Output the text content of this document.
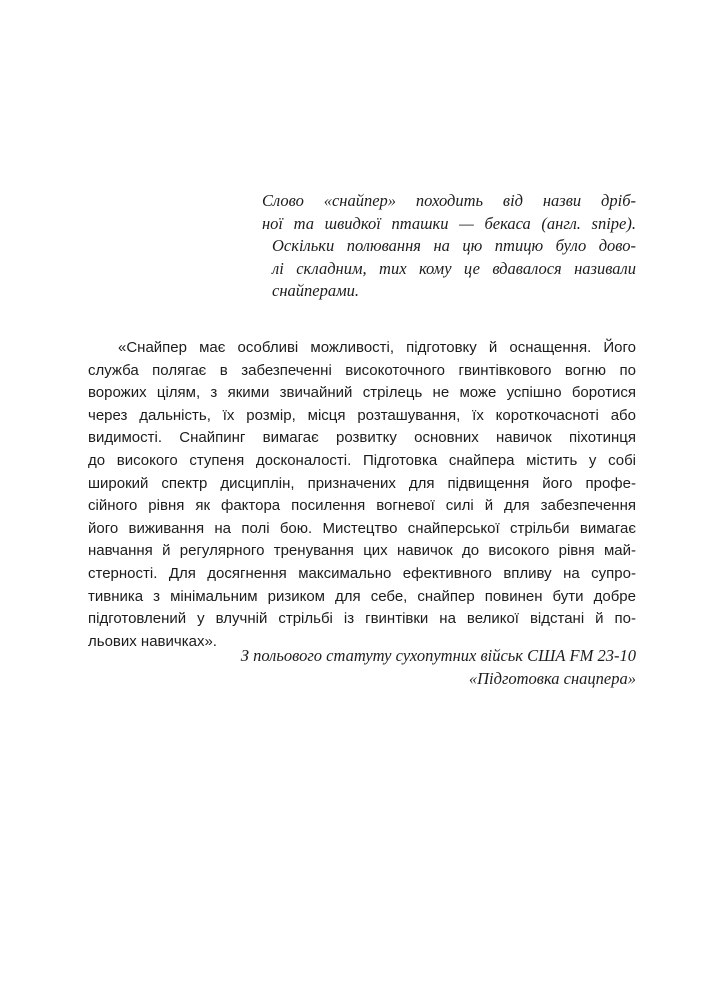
Слово «снайпер» походить від назви дріб-
ної та швидкої пташки — бекаса (англ. snipe).
Оскільки полювання на цю птицю було дово-
лі складним, тих кому це вдавалося називали
снайперами.
«Снайпер має особливі можливості, підготовку й оснащення. Його
служба полягає в забезпеченні високоточного гвинтівкового вогню по
ворожих цілям, з якими звичайний стрілець не може успішно боротися
через дальність, їх розмір, місця розташування, їх короткочасноті або
видимості. Снайпинг вимагає розвитку основних навичок піхотинця
до високого ступеня досконалості. Підготовка снайпера містить у собі
широкий спектр дисциплін, призначених для підвищення його профе-
сійного рівня як фактора посилення вогневої силі й для забезпечення
його виживання на полі бою. Мистецтво снайперської стрільби вимагає
навчання й регулярного тренування цих навичок до високого рівня май-
стерності. Для досягнення максимально ефективного впливу на супро-
тивника з мінімальним ризиком для себе, снайпер повинен бути добре
підготовлений у влучній стрільбі із гвинтівки на великої відстані й по-
льових навичках».
З польового статуту сухопутних військ США FM 23-10
«Підготовка снацпера»
